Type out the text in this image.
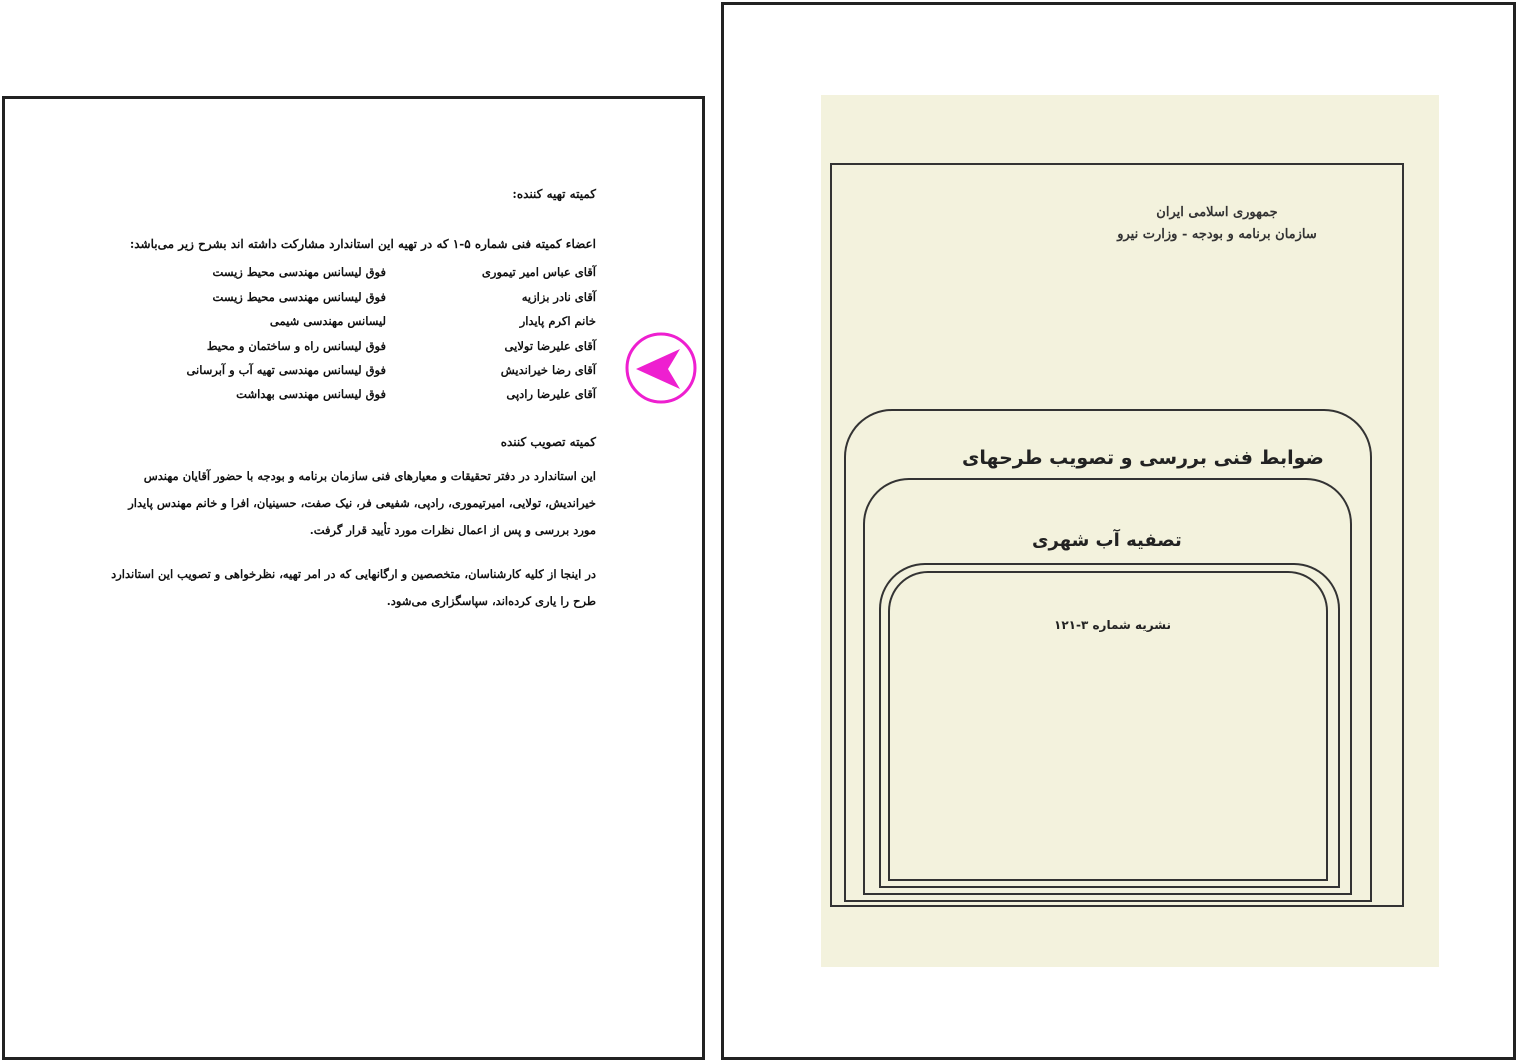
کمیته تهیه کننده:
اعضاء کمیته فنی شماره ۵-۱ که در تهیه این استاندارد مشارکت داشته اند بشرح زیر می‌باشد:
آقای عباس امیر تیموری
فوق لیسانس مهندسی محیط زیست
آقای نادر بزازیه
فوق لیسانس مهندسی محیط زیست
خانم اکرم پایدار
لیسانس مهندسی شیمی
آقای علیرضا تولایی
فوق لیسانس راه و ساختمان و محیط
آقای رضا خیراندیش
فوق لیسانس مهندسی تهیه آب و آبرسانی
آقای علیرضا رادپی
فوق لیسانس مهندسی بهداشت
کمیته تصویب کننده
این استاندارد در دفتر تحقیقات و معیارهای فنی سازمان برنامه و بودجه با حضور آقایان مهندس خیراندیش، تولایی، امیرتیموری، رادپی، شفیعی فر، نیک صفت، حسینیان، افرا و خانم مهندس پایدار مورد بررسی و پس از اعمال نظرات مورد تأیید قرار گرفت.
در اینجا از کلیه کارشناسان، متخصصین و ارگانهایی که در امر تهیه، نظرخواهی و تصویب این استاندارد طرح را یاری کرده‌اند، سپاسگزاری می‌شود.
جمهوری اسلامی ایران
سازمان برنامه و بودجه - وزارت نیرو
ضوابط فنی بررسی و تصویب طرحهای
تصفیه آب شهری
نشریه شماره ۳-۱۲۱
